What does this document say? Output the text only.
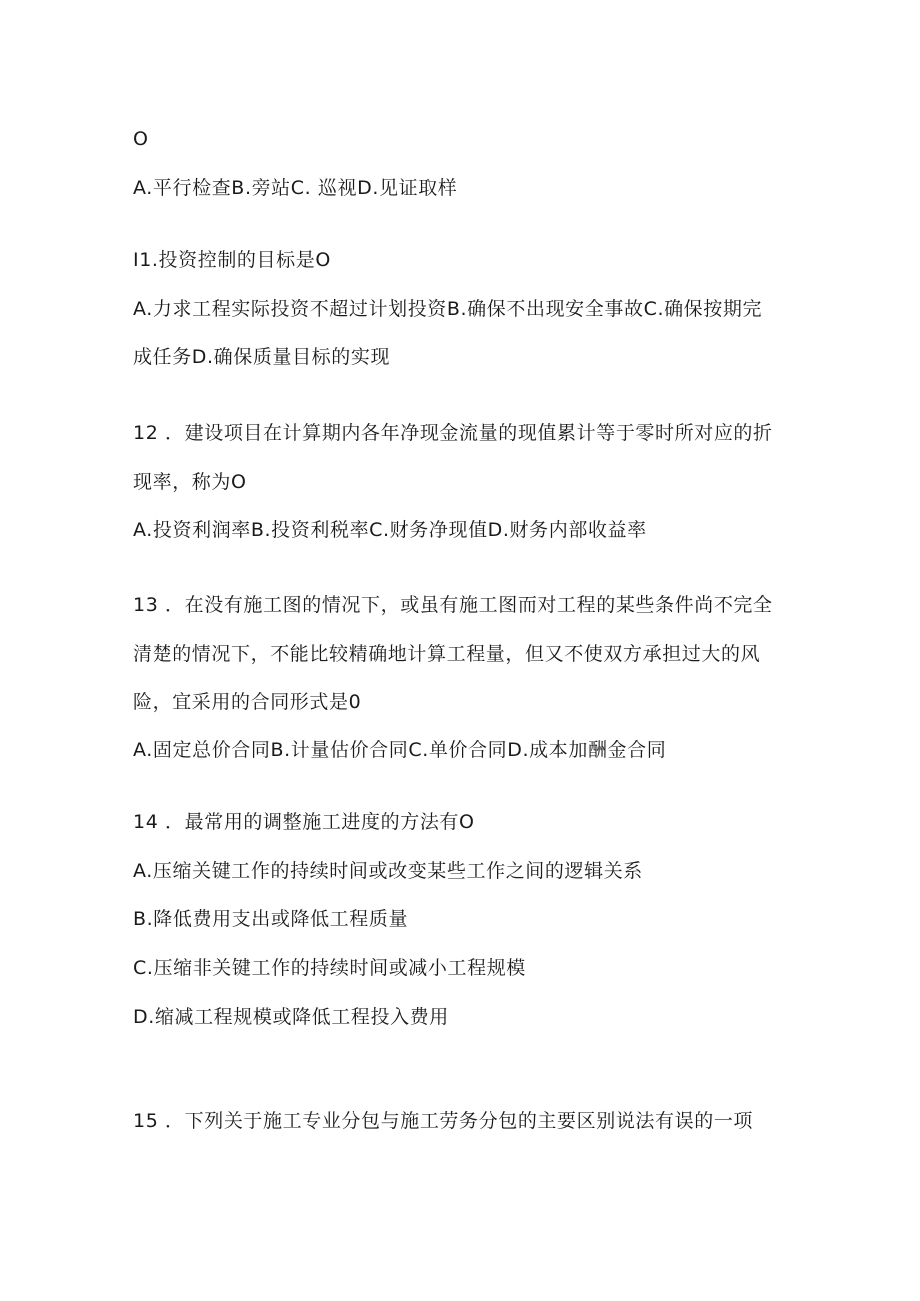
O
A.平行检查B.旁站C. 巡视D.见证取样
I1.投资控制的目标是O
A.力求工程实际投资不超过计划投资B.确保不出现安全事故C.确保按期完
成任务D.确保质量目标的实现
12 ．建设项目在计算期内各年净现金流量的现值累计等于零时所对应的折
现率，称为O
A.投资利润率B.投资利税率C.财务净现值D.财务内部收益率
13 ．在没有施工图的情况下，或虽有施工图而对工程的某些条件尚不完全
清楚的情况下，不能比较精确地计算工程量，但又不使双方承担过大的风
险，宜采用的合同形式是0
A.固定总价合同B.计量估价合同C.单价合同D.成本加酬金合同
14 ．最常用的调整施工进度的方法有O
A.压缩关键工作的持续时间或改变某些工作之间的逻辑关系
B.降低费用支出或降低工程质量
C.压缩非关键工作的持续时间或减小工程规模
D.缩减工程规模或降低工程投入费用
15 ．下列关于施工专业分包与施工劳务分包的主要区别说法有误的一项
